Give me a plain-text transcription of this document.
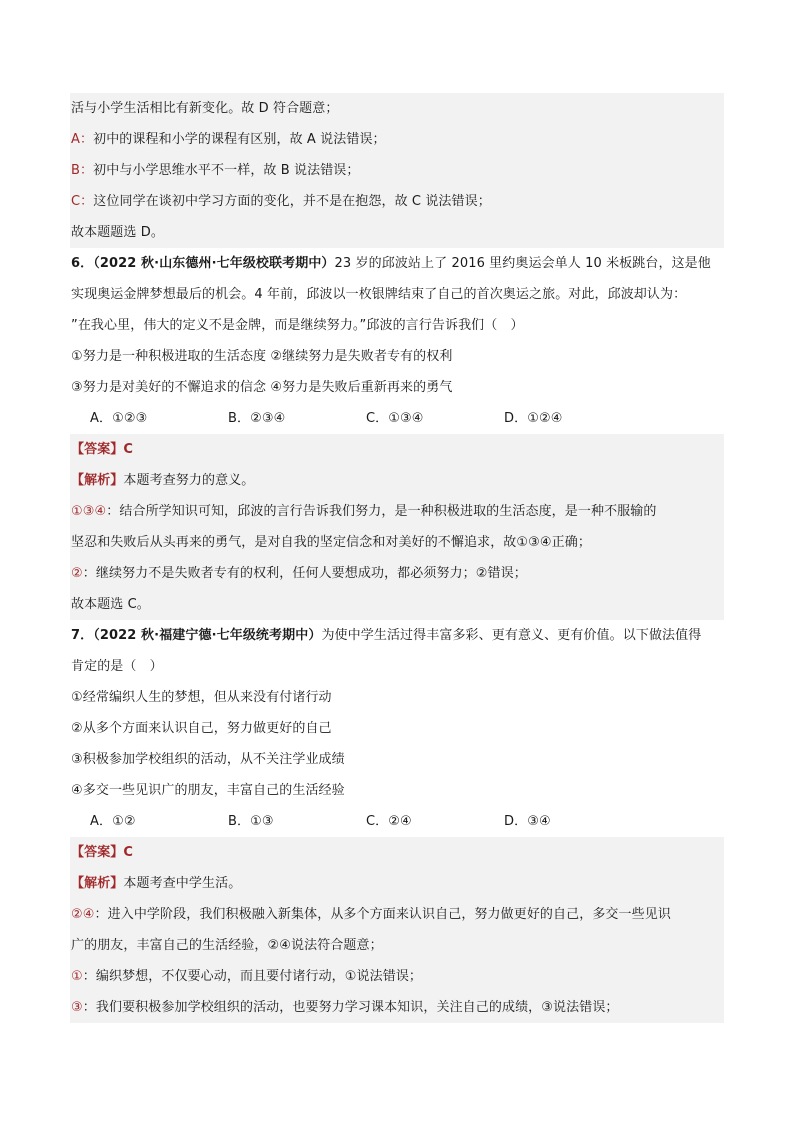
活与小学生活相比有新变化。故 D 符合题意；
A：初中的课程和小学的课程有区别，故 A 说法错误；
B：初中与小学思维水平不一样，故 B 说法错误；
C：这位同学在谈初中学习方面的变化，并不是在抱怨，故 C 说法错误；
故本题题选 D。
6．（2022 秋·山东德州·七年级校联考期中）23 岁的邱波站上了 2016 里约奥运会单人 10 米板跳台，这是他
实现奥运金牌梦想最后的机会。4 年前，邱波以一枚银牌结束了自己的首次奥运之旅。对此，邱波却认为：
”在我心里，伟大的定义不是金牌，而是继续努力。”邱波的言行告诉我们（　）
①努力是一种积极进取的生活态度 ②继续努力是失败者专有的权利
③努力是对美好的不懈追求的信念 ④努力是失败后重新再来的勇气
A．①②③	B．②③④	C．①③④	D．①②④
【答案】C
【解析】本题考查努力的意义。
①③④：结合所学知识可知，邱波的言行告诉我们努力，是一种积极进取的生活态度，是一种不服输的
坚忍和失败后从头再来的勇气，是对自我的坚定信念和对美好的不懈追求，故①③④正确；
②：继续努力不是失败者专有的权利，任何人要想成功，都必须努力；②错误；
故本题选 C。
7．（2022 秋·福建宁德·七年级统考期中）为使中学生活过得丰富多彩、更有意义、更有价值。以下做法值得
肯定的是（　）
①经常编织人生的梦想，但从来没有付诸行动
②从多个方面来认识自己，努力做更好的自己
③积极参加学校组织的活动，从不关注学业成绩
④多交一些见识广的朋友，丰富自己的生活经验
A．①②	B．①③	C．②④	D．③④
【答案】C
【解析】本题考查中学生活。
②④：进入中学阶段，我们积极融入新集体，从多个方面来认识自己，努力做更好的自己，多交一些见识
广的朋友，丰富自己的生活经验，②④说法符合题意；
①：编织梦想，不仅要心动，而且要付诸行动，①说法错误；
③：我们要积极参加学校组织的活动，也要努力学习课本知识，关注自己的成绩，③说法错误；
